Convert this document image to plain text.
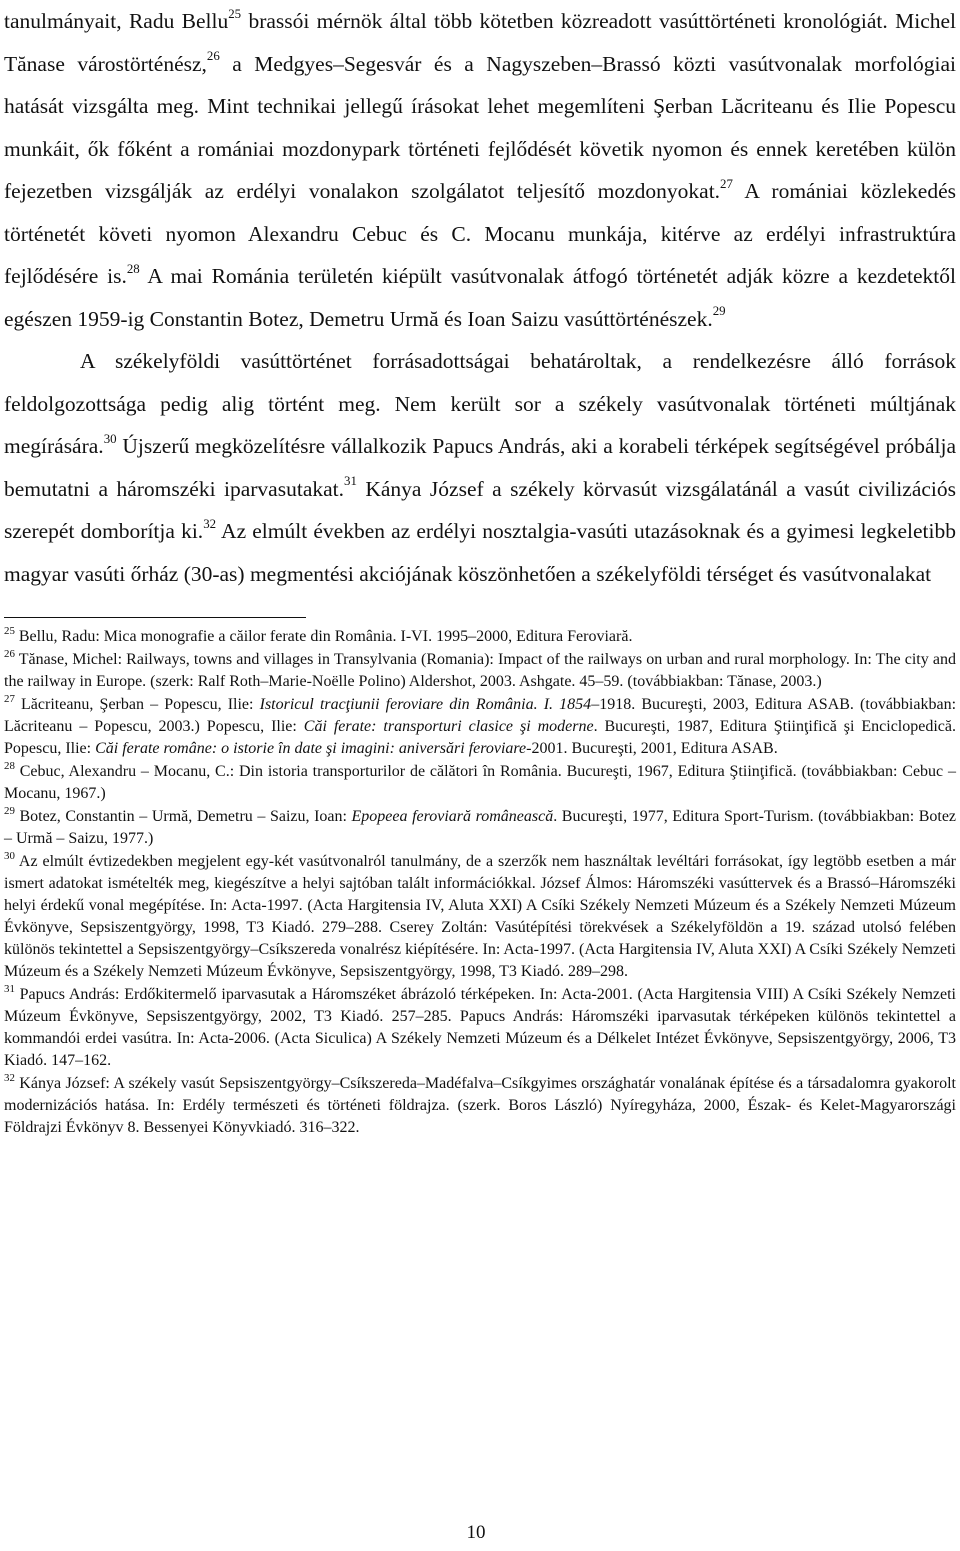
tanulmányait, Radu Bellu$^{25}$ brassói mérnök által több kötetben közreadott vasúttörténeti kronológiát. Michel Tănase várostörténész,$^{26}$ a Medgyes–Segesvár és a Nagyszeben–Brassó közti vasútvonalak morfológiai hatását vizsgálta meg. Mint technikai jellegű írásokat lehet megemlíteni Şerban Lăcriteanu és Ilie Popescu munkáit, ők főként a romániai mozdonypark történeti fejlődését követik nyomon és ennek keretében külön fejezetben vizsgálják az erdélyi vonalakon szolgálatot teljesítő mozdonyokat.$^{27}$ A romániai közlekedés történetét követi nyomon Alexandru Cebuc és C. Mocanu munkája, kitérve az erdélyi infrastruktúra fejlődésére is.$^{28}$ A mai Románia területén kiépült vasútvonalak átfogó történetét adják közre a kezdetektől egészen 1959-ig Constantin Botez, Demetru Urmă és Ioan Saizu vasúttörténészek.$^{29}$

A székelyföldi vasúttörténet forrásadottságai behatároltak, a rendelkezésre álló források feldolgozottsága pedig alig történt meg. Nem került sor a székely vasútvonalak történeti múltjának megírására.$^{30}$ Újszerű megközelítésre vállalkozik Papucs András, aki a korabeli térképek segítségével próbálja bemutatni a háromszéki iparvasutakat.$^{31}$ Kánya József a székely körvasút vizsgálatánál a vasút civilizációs szerepét domborítja ki.$^{32}$ Az elmúlt években az erdélyi nosztalgia-vasúti utazásoknak és a gyimesi legkeletibb magyar vasúti őrház (30-as) megmentési akciójának köszönhetően a székelyföldi térséget és vasútvonalakat

$^{25}$ Bellu, Radu: Mica monografie a căilor ferate din România. I-VI. 1995–2000, Editura Feroviară.

$^{26}$ Tănase, Michel: Railways, towns and villages in Transylvania (Romania): Impact of the railways on urban and rural morphology. In: The city and the railway in Europe. (szerk: Ralf Roth–Marie-Noëlle Polino) Aldershot, 2003. Ashgate. 45–59. (továbbiakban: Tănase, 2003.)

$^{27}$ Lăcriteanu, Şerban – Popescu, Ilie: Istoricul tracţiunii feroviare din România. I. 1854–1918. Bucureşti, 2003, Editura ASAB. (továbbiakban: Lăcriteanu – Popescu, 2003.) Popescu, Ilie: Căi ferate: transporturi clasice şi moderne. Bucureşti, 1987, Editura Ştiinţifică şi Enciclopedică. Popescu, Ilie: Căi ferate române: o istorie în date şi imagini: aniversări feroviare-2001. Bucureşti, 2001, Editura ASAB.

$^{28}$ Cebuc, Alexandru – Mocanu, C.: Din istoria transporturilor de călători în România. Bucureşti, 1967, Editura Ştiinţifică. (továbbiakban: Cebuc – Mocanu, 1967.)

$^{29}$ Botez, Constantin – Urmă, Demetru – Saizu, Ioan: Epopeea feroviară românească. Bucureşti, 1977, Editura Sport-Turism. (továbbiakban: Botez – Urmă – Saizu, 1977.)

$^{30}$ Az elmúlt évtizedekben megjelent egy-két vasútvonalról tanulmány, de a szerzők nem használtak levéltári forrásokat, így legtöbb esetben a már ismert adatokat ismételték meg, kiegészítve a helyi sajtóban talált információkkal. József Álmos: Háromszéki vasúttervek és a Brassó–Háromszéki helyi érdekű vonal megépítése. In: Acta-1997. (Acta Hargitensia IV, Aluta XXI) A Csíki Székely Nemzeti Múzeum és a Székely Nemzeti Múzeum Évkönyve, Sepsiszentgyörgy, 1998, T3 Kiadó. 279–288. Cserey Zoltán: Vasútépítési törekvések a Székelyföldön a 19. század utolsó felében különös tekintettel a Sepsiszentgyörgy–Csíkszereda vonalrész kiépítésére. In: Acta-1997. (Acta Hargitensia IV, Aluta XXI) A Csíki Székely Nemzeti Múzeum és a Székely Nemzeti Múzeum Évkönyve, Sepsiszentgyörgy, 1998, T3 Kiadó. 289–298.

$^{31}$ Papucs András: Erdőkitermelő iparvasutak a Háromszéket ábrázoló térképeken. In: Acta-2001. (Acta Hargitensia VIII) A Csíki Székely Nemzeti Múzeum Évkönyve, Sepsiszentgyörgy, 2002, T3 Kiadó. 257–285. Papucs András: Háromszéki iparvasutak térképeken különös tekintettel a kommandói erdei vasútra. In: Acta-2006. (Acta Siculica) A Székely Nemzeti Múzeum és a Délkelet Intézet Évkönyve, Sepsiszentgyörgy, 2006, T3 Kiadó. 147–162.

$^{32}$ Kánya József: A székely vasút Sepsiszentgyörgy–Csíkszereda–Madéfalva–Csíkgyimes országhatár vonalának építése és a társadalomra gyakorolt modernizációs hatása. In: Erdély természeti és történeti földrajza. (szerk. Boros László) Nyíregyháza, 2000, Észak- és Kelet-Magyarországi Földrajzi Évkönyv 8. Bessenyei Könyvkiadó. 316–322.

10
